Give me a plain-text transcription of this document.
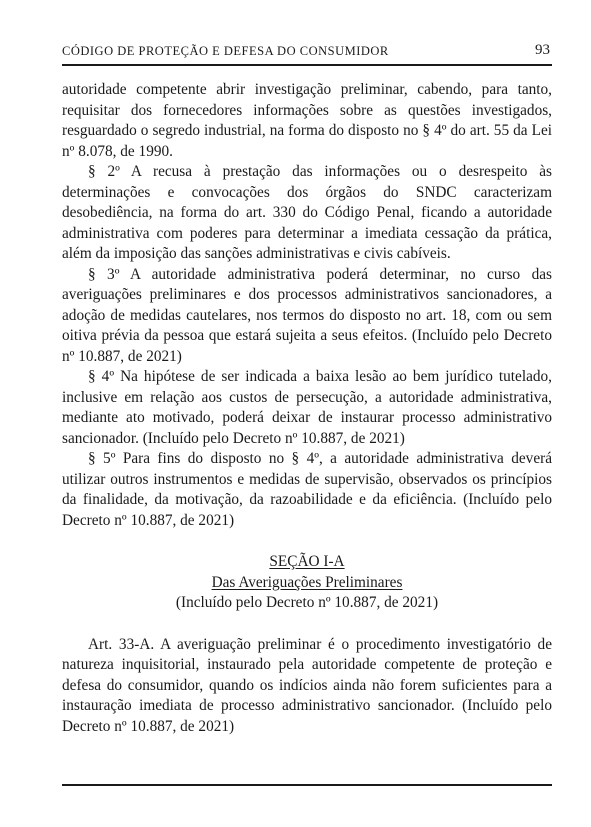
CÓDIGO DE PROTEÇÃO E DEFESA DO CONSUMIDOR	93

autoridade competente abrir investigação preliminar, cabendo, para tanto, requisitar dos fornecedores informações sobre as questões investigados, resguardado o segredo industrial, na forma do disposto no § 4º do art. 55 da Lei nº 8.078, de 1990.

§ 2º A recusa à prestação das informações ou o desrespeito às determinações e convocações dos órgãos do SNDC caracterizam desobediência, na forma do art. 330 do Código Penal, ficando a autoridade administrativa com poderes para determinar a imediata cessação da prática, além da imposição das sanções administrativas e civis cabíveis.

§ 3º A autoridade administrativa poderá determinar, no curso das averiguações preliminares e dos processos administrativos sancionadores, a adoção de medidas cautelares, nos termos do disposto no art. 18, com ou sem oitiva prévia da pessoa que estará sujeita a seus efeitos. (Incluído pelo Decreto nº 10.887, de 2021)

§ 4º Na hipótese de ser indicada a baixa lesão ao bem jurídico tutelado, inclusive em relação aos custos de persecução, a autoridade administrativa, mediante ato motivado, poderá deixar de instaurar processo administrativo sancionador. (Incluído pelo Decreto nº 10.887, de 2021)

§ 5º Para fins do disposto no § 4º, a autoridade administrativa deverá utilizar outros instrumentos e medidas de supervisão, observados os princípios da finalidade, da motivação, da razoabilidade e da eficiência. (Incluído pelo Decreto nº 10.887, de 2021)

SEÇÃO I-A
Das Averiguações Preliminares
(Incluído pelo Decreto nº 10.887, de 2021)

Art. 33-A. A averiguação preliminar é o procedimento investigatório de natureza inquisitorial, instaurado pela autoridade competente de proteção e defesa do consumidor, quando os indícios ainda não forem suficientes para a instauração imediata de processo administrativo sancionador. (Incluído pelo Decreto nº 10.887, de 2021)
